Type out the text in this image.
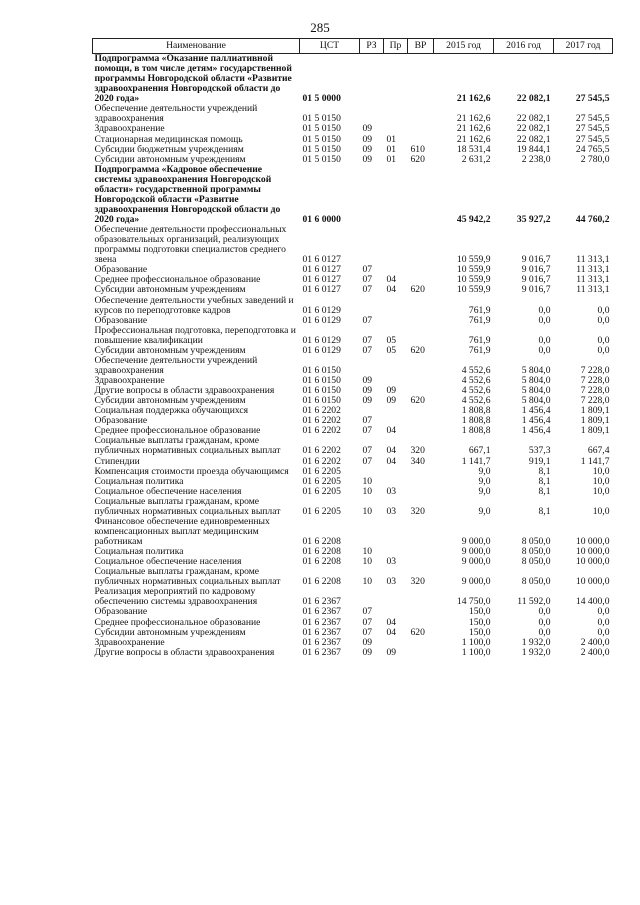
285
Наименование	ЦСТ	РЗ	Пр	ВР	2015 год	2016 год	2017 год
Подпрограмма «Оказание паллиативной помощи, в том числе детям» государственной программы Новгородской области «Развитие здравоохранения Новгородской области до 2020 года»	01 5 0000				21 162,6	22 082,1	27 545,5
Обеспечение деятельности учреждений здравоохранения	01 5 0150				21 162,6	22 082,1	27 545,5
Здравоохранение	01 5 0150	09			21 162,6	22 082,1	27 545,5
Стационарная медицинская помощь	01 5 0150	09	01		21 162,6	22 082,1	27 545,5
Субсидии бюджетным учреждениям	01 5 0150	09	01	610	18 531,4	19 844,1	24 765,5
Субсидии автономным учреждениям	01 5 0150	09	01	620	2 631,2	2 238,0	2 780,0
Подпрограмма «Кадровое обеспечение системы здравоохранения Новгородской области» государственной программы Новгородской области «Развитие здравоохранения Новгородской области до 2020 года»	01 6 0000				45 942,2	35 927,2	44 760,2
Обеспечение деятельности профессиональных образовательных организаций, реализующих программы подготовки специалистов среднего звена	01 6 0127				10 559,9	9 016,7	11 313,1
Образование	01 6 0127	07			10 559,9	9 016,7	11 313,1
Среднее профессиональное образование	01 6 0127	07	04		10 559,9	9 016,7	11 313,1
Субсидии автономным учреждениям	01 6 0127	07	04	620	10 559,9	9 016,7	11 313,1
Обеспечение деятельности учебных заведений и курсов по переподготовке кадров	01 6 0129				761,9	0,0	0,0
Образование	01 6 0129	07			761,9	0,0	0,0
Профессиональная подготовка, переподготовка и повышение квалификации	01 6 0129	07	05		761,9	0,0	0,0
Субсидии автономным учреждениям	01 6 0129	07	05	620	761,9	0,0	0,0
Обеспечение деятельности учреждений здравоохранения	01 6 0150				4 552,6	5 804,0	7 228,0
Здравоохранение	01 6 0150	09			4 552,6	5 804,0	7 228,0
Другие вопросы в области здравоохранения	01 6 0150	09	09		4 552,6	5 804,0	7 228,0
Субсидии автономным учреждениям	01 6 0150	09	09	620	4 552,6	5 804,0	7 228,0
Социальная поддержка обучающихся	01 6 2202				1 808,8	1 456,4	1 809,1
Образование	01 6 2202	07			1 808,8	1 456,4	1 809,1
Среднее профессиональное образование	01 6 2202	07	04		1 808,8	1 456,4	1 809,1
Социальные выплаты гражданам, кроме публичных нормативных социальных выплат	01 6 2202	07	04	320	667,1	537,3	667,4
Стипендии	01 6 2202	07	04	340	1 141,7	919,1	1 141,7
Компенсация стоимости проезда обучающимся	01 6 2205				9,0	8,1	10,0
Социальная политика	01 6 2205	10			9,0	8,1	10,0
Социальное обеспечение населения	01 6 2205	10	03		9,0	8,1	10,0
Социальные выплаты гражданам, кроме публичных нормативных социальных выплат	01 6 2205	10	03	320	9,0	8,1	10,0
Финансовое обеспечение единовременных компенсационных выплат медицинским работникам	01 6 2208				9 000,0	8 050,0	10 000,0
Социальная политика	01 6 2208	10			9 000,0	8 050,0	10 000,0
Социальное обеспечение населения	01 6 2208	10	03		9 000,0	8 050,0	10 000,0
Социальные выплаты гражданам, кроме публичных нормативных социальных выплат	01 6 2208	10	03	320	9 000,0	8 050,0	10 000,0
Реализация мероприятий по кадровому обеспечению системы здравоохранения	01 6 2367				14 750,0	11 592,0	14 400,0
Образование	01 6 2367	07			150,0	0,0	0,0
Среднее профессиональное образование	01 6 2367	07	04		150,0	0,0	0,0
Субсидии автономным учреждениям	01 6 2367	07	04	620	150,0	0,0	0,0
Здравоохранение	01 6 2367	09			1 100,0	1 932,0	2 400,0
Другие вопросы в области здравоохранения	01 6 2367	09	09		1 100,0	1 932,0	2 400,0
